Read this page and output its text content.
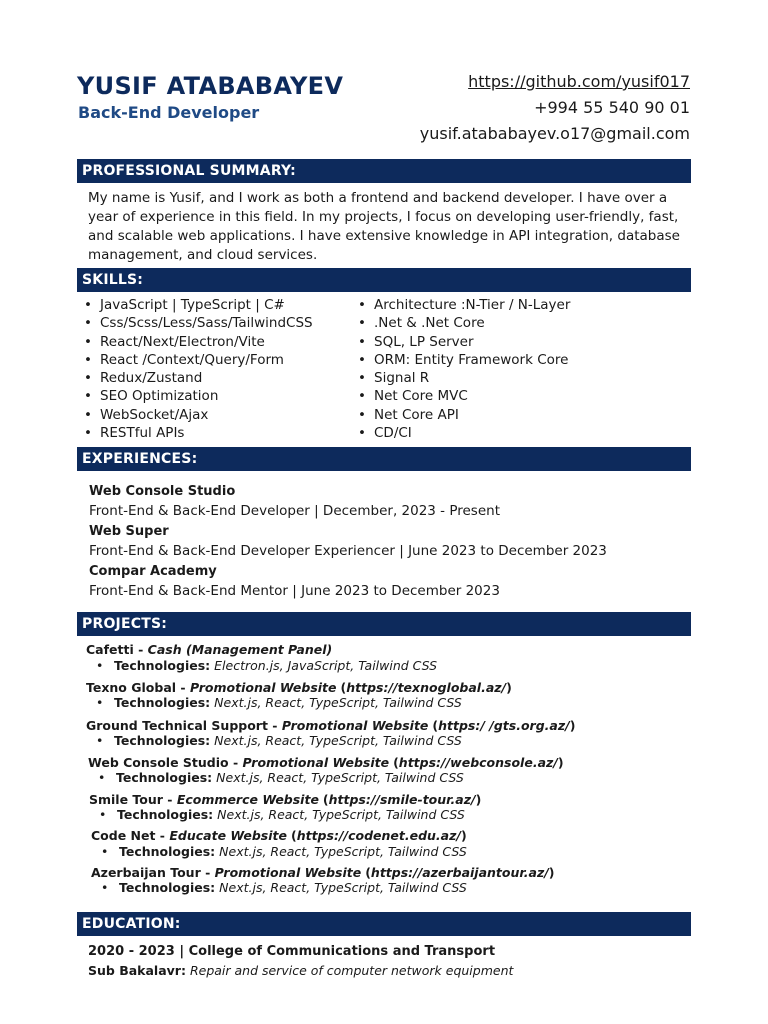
YUSIF ATABABAYEV
Back-End Developer
https://github.com/yusif017
+994 55 540 90 01
yusif.atababayev.o17@gmail.com
PROFESSIONAL SUMMARY:

My name is Yusif, and I work as both a frontend and backend developer. I have over a year of experience in this field. In my projects, I focus on developing user-friendly, fast, and scalable web applications. I have extensive knowledge in API integration, database management, and cloud services.

SKILLS:
• JavaScript | TypeScript | C#
• Css/Scss/Less/Sass/TailwindCSS
• React/Next/Electron/Vite
• React /Context/Query/Form
• Redux/Zustand
• SEO Optimization
• WebSocket/Ajax
• RESTful APIs
• Architecture :N-Tier / N-Layer
• .Net & .Net Core
• SQL, LP Server
• ORM: Entity Framework Core
• Signal R
• Net Core MVC
• Net Core API
• CD/CI
EXPERIENCES:
Web Console Studio
Front-End & Back-End Developer | December, 2023 - Present
Web Super
Front-End & Back-End Developer Experiencer | June 2023 to December 2023
Compar Academy
Front-End & Back-End Mentor | June 2023 to December 2023
PROJECTS:
Cafetti - Cash (Management Panel)
• Technologies: Electron.js, JavaScript, Tailwind CSS
Texno Global - Promotional Website (https://texnoglobal.az/)
• Technologies: Next.js, React, TypeScript, Tailwind CSS
Ground Technical Support - Promotional Website (https:/ /gts.org.az/)
• Technologies: Next.js, React, TypeScript, Tailwind CSS
Web Console Studio - Promotional Website (https://webconsole.az/)
• Technologies: Next.js, React, TypeScript, Tailwind CSS
Smile Tour - Ecommerce Website (https://smile-tour.az/)
• Technologies: Next.js, React, TypeScript, Tailwind CSS
Code Net - Educate Website (https://codenet.edu.az/)
• Technologies: Next.js, React, TypeScript, Tailwind CSS
Azerbaijan Tour - Promotional Website (https://azerbaijantour.az/)
• Technologies: Next.js, React, TypeScript, Tailwind CSS
EDUCATION:
2020 - 2023 | College of Communications and Transport
Sub Bakalavr: Repair and service of computer network equipment
